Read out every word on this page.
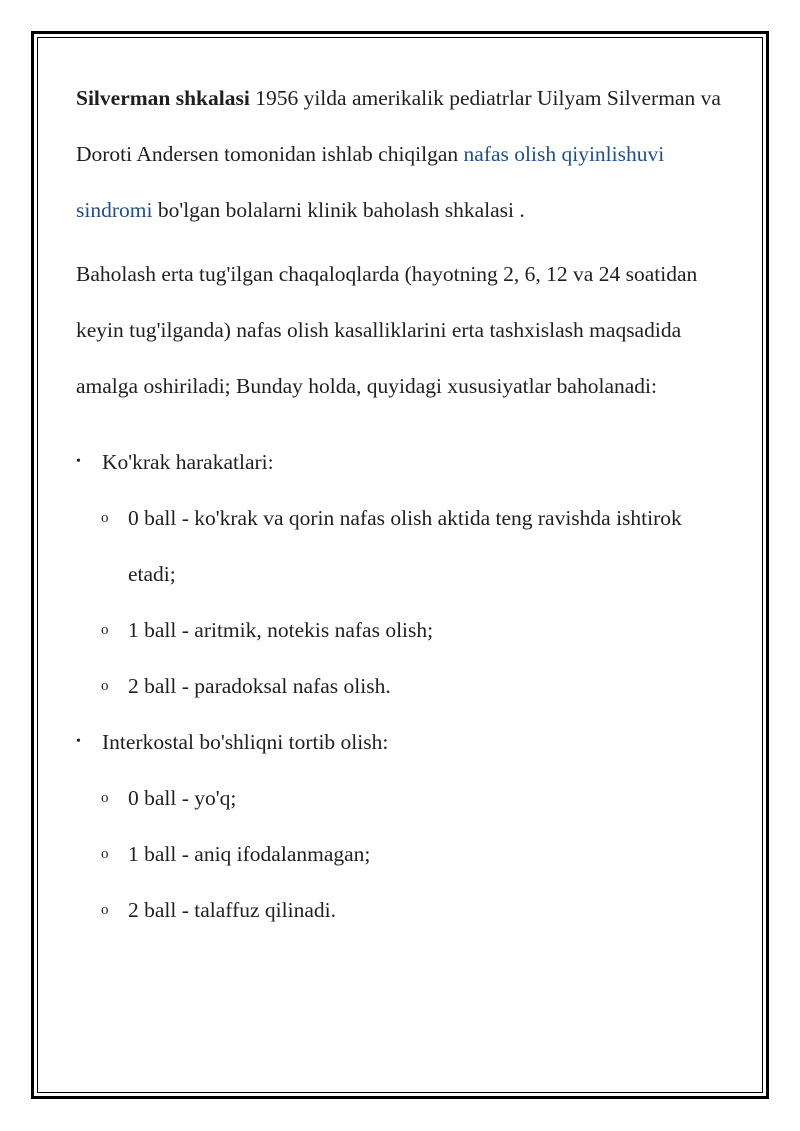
Silverman shkalasi 1956 yilda amerikalik pediatrlar Uilyam Silverman va Doroti Andersen tomonidan ishlab chiqilgan nafas olish qiyinlishuvi sindromi bo'lgan bolalarni klinik baholash shkalasi .

Baholash erta tug'ilgan chaqaloqlarda (hayotning 2, 6, 12 va 24 soatidan keyin tug'ilganda) nafas olish kasalliklarini erta tashxislash maqsadida amalga oshiriladi; Bunday holda, quyidagi xususiyatlar baholanadi:

• Ko'krak harakatlari:
o 0 ball - ko'krak va qorin nafas olish aktida teng ravishda ishtirok etadi;
o 1 ball - aritmik, notekis nafas olish;
o 2 ball - paradoksal nafas olish.
• Interkostal bo'shliqni tortib olish:
o 0 ball - yo'q;
o 1 ball - aniq ifodalanmagan;
o 2 ball - talaffuz qilinadi.
